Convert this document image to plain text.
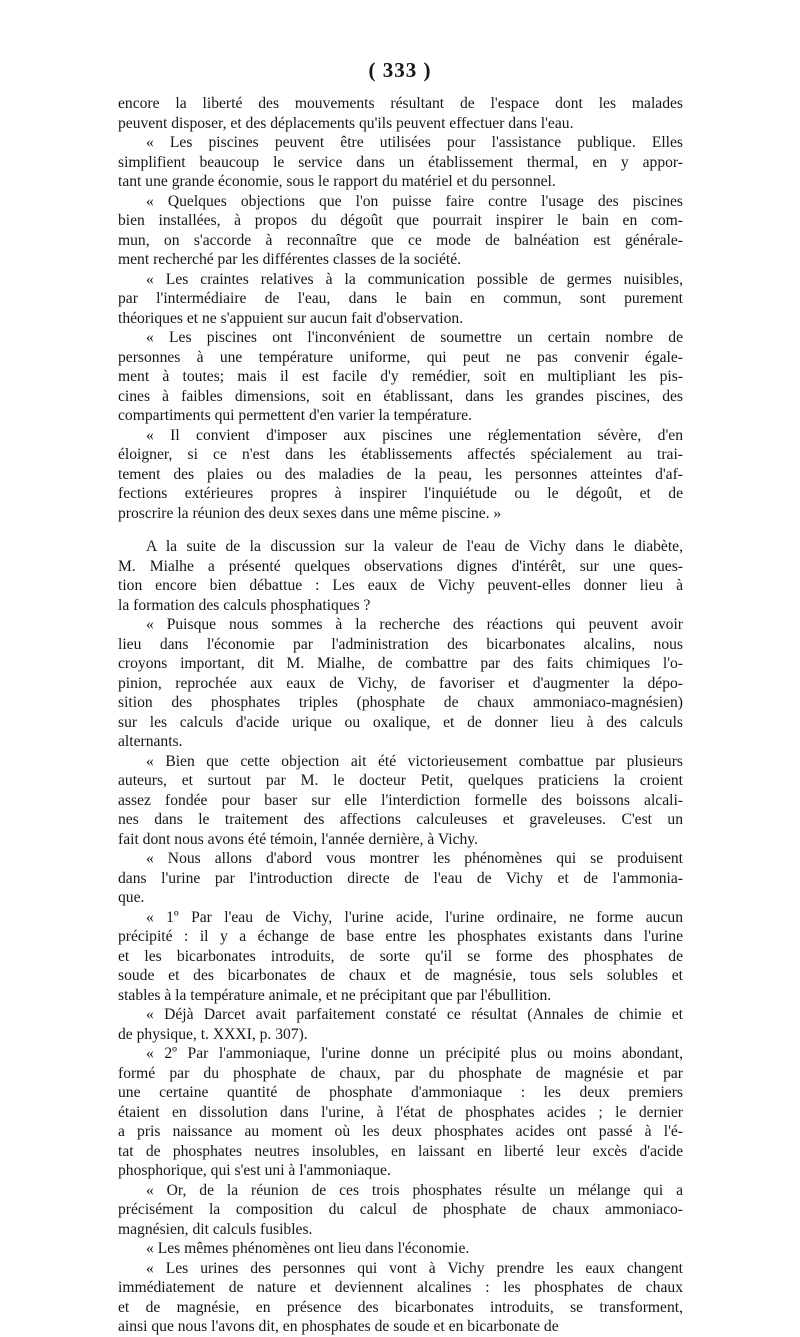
( 333 )
encore la liberté des mouvements résultant de l'espace dont les malades
peuvent disposer, et des déplacements qu'ils peuvent effectuer dans l'eau.
« Les piscines peuvent être utilisées pour l'assistance publique. Elles
simplifient beaucoup le service dans un établissement thermal, en y appor-
tant une grande économie, sous le rapport du matériel et du personnel.
« Quelques objections que l'on puisse faire contre l'usage des piscines
bien installées, à propos du dégoût que pourrait inspirer le bain en com-
mun, on s'accorde à reconnaître que ce mode de balnéation est générale-
ment recherché par les différentes classes de la société.
« Les craintes relatives à la communication possible de germes nuisibles,
par l'intermédiaire de l'eau, dans le bain en commun, sont purement
théoriques et ne s'appuient sur aucun fait d'observation.
« Les piscines ont l'inconvénient de soumettre un certain nombre de
personnes à une température uniforme, qui peut ne pas convenir égale-
ment à toutes; mais il est facile d'y remédier, soit en multipliant les pis-
cines à faibles dimensions, soit en établissant, dans les grandes piscines, des
compartiments qui permettent d'en varier la température.
« Il convient d'imposer aux piscines une réglementation sévère, d'en
éloigner, si ce n'est dans les établissements affectés spécialement au trai-
tement des plaies ou des maladies de la peau, les personnes atteintes d'af-
fections extérieures propres à inspirer l'inquiétude ou le dégoût, et de
proscrire la réunion des deux sexes dans une même piscine. »
A la suite de la discussion sur la valeur de l'eau de Vichy dans le diabète,
M. Mialhe a présenté quelques observations dignes d'intérêt, sur une ques-
tion encore bien débattue : Les eaux de Vichy peuvent-elles donner lieu à
la formation des calculs phosphatiques ?
« Puisque nous sommes à la recherche des réactions qui peuvent avoir
lieu dans l'économie par l'administration des bicarbonates alcalins, nous
croyons important, dit M. Mialhe, de combattre par des faits chimiques l'o-
pinion, reprochée aux eaux de Vichy, de favoriser et d'augmenter la dépo-
sition des phosphates triples (phosphate de chaux ammoniaco-magnésien)
sur les calculs d'acide urique ou oxalique, et de donner lieu à des calculs
alternants.
« Bien que cette objection ait été victorieusement combattue par plusieurs
auteurs, et surtout par M. le docteur Petit, quelques praticiens la croient
assez fondée pour baser sur elle l'interdiction formelle des boissons alcali-
nes dans le traitement des affections calculeuses et graveleuses. C'est un
fait dont nous avons été témoin, l'année dernière, à Vichy.
« Nous allons d'abord vous montrer les phénomènes qui se produisent
dans l'urine par l'introduction directe de l'eau de Vichy et de l'ammonia-
que.
« 1º Par l'eau de Vichy, l'urine acide, l'urine ordinaire, ne forme aucun
précipité : il y a échange de base entre les phosphates existants dans l'urine
et les bicarbonates introduits, de sorte qu'il se forme des phosphates de
soude et des bicarbonates de chaux et de magnésie, tous sels solubles et
stables à la température animale, et ne précipitant que par l'ébullition.
« Déjà Darcet avait parfaitement constaté ce résultat (Annales de chimie et
de physique, t. XXXI, p. 307).
« 2º Par l'ammoniaque, l'urine donne un précipité plus ou moins abondant,
formé par du phosphate de chaux, par du phosphate de magnésie et par
une certaine quantité de phosphate d'ammoniaque : les deux premiers
étaient en dissolution dans l'urine, à l'état de phosphates acides ; le dernier
a pris naissance au moment où les deux phosphates acides ont passé à l'é-
tat de phosphates neutres insolubles, en laissant en liberté leur excès d'acide
phosphorique, qui s'est uni à l'ammoniaque.
« Or, de la réunion de ces trois phosphates résulte un mélange qui a
précisément la composition du calcul de phosphate de chaux ammoniaco-
magnésien, dit calculs fusibles.
« Les mêmes phénomènes ont lieu dans l'économie.
« Les urines des personnes qui vont à Vichy prendre les eaux changent
immédiatement de nature et deviennent alcalines : les phosphates de chaux
et de magnésie, en présence des bicarbonates introduits, se transforment,
ainsi que nous l'avons dit, en phosphates de soude et en bicarbonate de
